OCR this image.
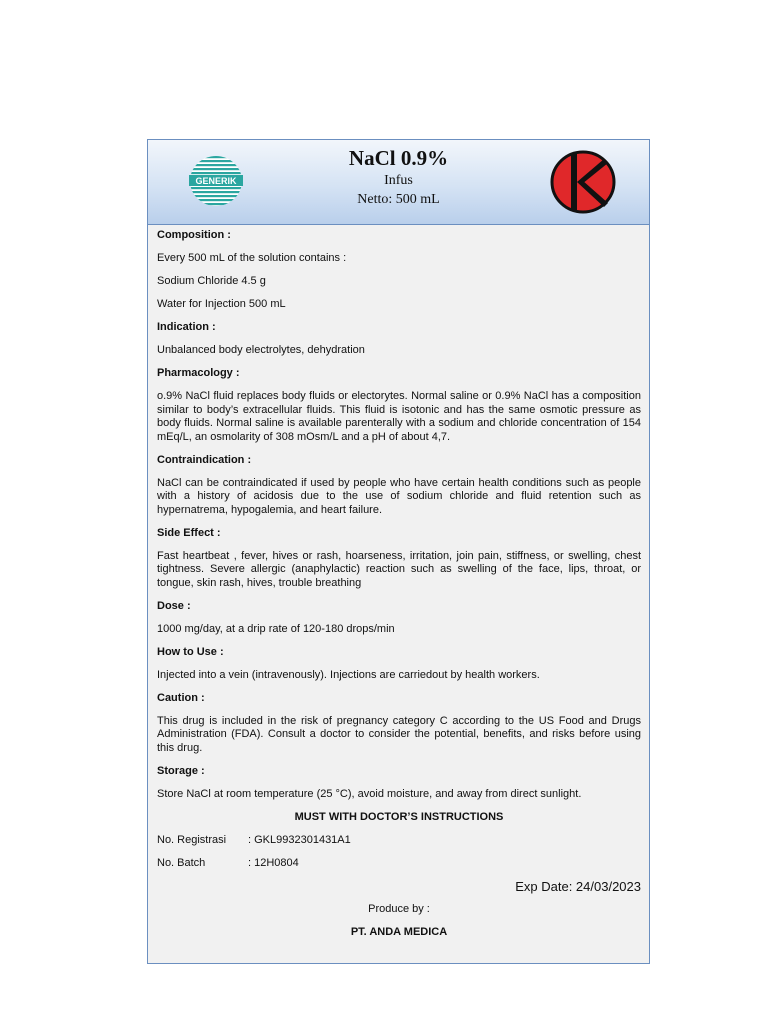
GENERIK
NaCl 0.9%
Infus
Netto: 500 mL

Composition :

Every 500 mL of the solution contains :

Sodium Chloride 4.5 g

Water for Injection 500 mL

Indication :

Unbalanced body electrolytes, dehydration

Pharmacology :

o.9% NaCl fluid replaces body fluids or electorytes. Normal saline or 0.9% NaCl has a composition similar to body’s extracellular fluids. This fluid is isotonic and has the same osmotic pressure as body fluids. Normal saline is available parenterally with a sodium and chloride concentration of 154 mEq/L, an osmolarity of 308 mOsm/L and a pH of about 4,7.

Contraindication :

NaCl can be contraindicated if used by people who have certain health conditions such as people with a history of acidosis due to the use of sodium chloride and fluid retention such as hypernatrema, hypogalemia, and heart failure.

Side Effect :

Fast heartbeat , fever, hives or rash, hoarseness, irritation, join pain, stiffness, or swelling, chest tightness. Severe allergic (anaphylactic) reaction such as swelling of the face, lips, throat, or tongue, skin rash, hives, trouble breathing

Dose :

1000 mg/day, at a drip rate of 120-180 drops/min

How to Use :

Injected into a vein (intravenously). Injections are carriedout by health workers.

Caution :

This drug is included in the risk of pregnancy category C according to the US Food and Drugs Administration (FDA). Consult a doctor to consider the potential, benefits, and risks before using this drug.

Storage :

Store NaCl at room temperature (25 °C), avoid moisture, and away from direct sunlight.

MUST WITH DOCTOR’S INSTRUCTIONS

No. Registrasi	: GKL9932301431A1
No. Batch	: 12H0804

Exp Date: 24/03/2023

Produce by :

PT. ANDA MEDICA
